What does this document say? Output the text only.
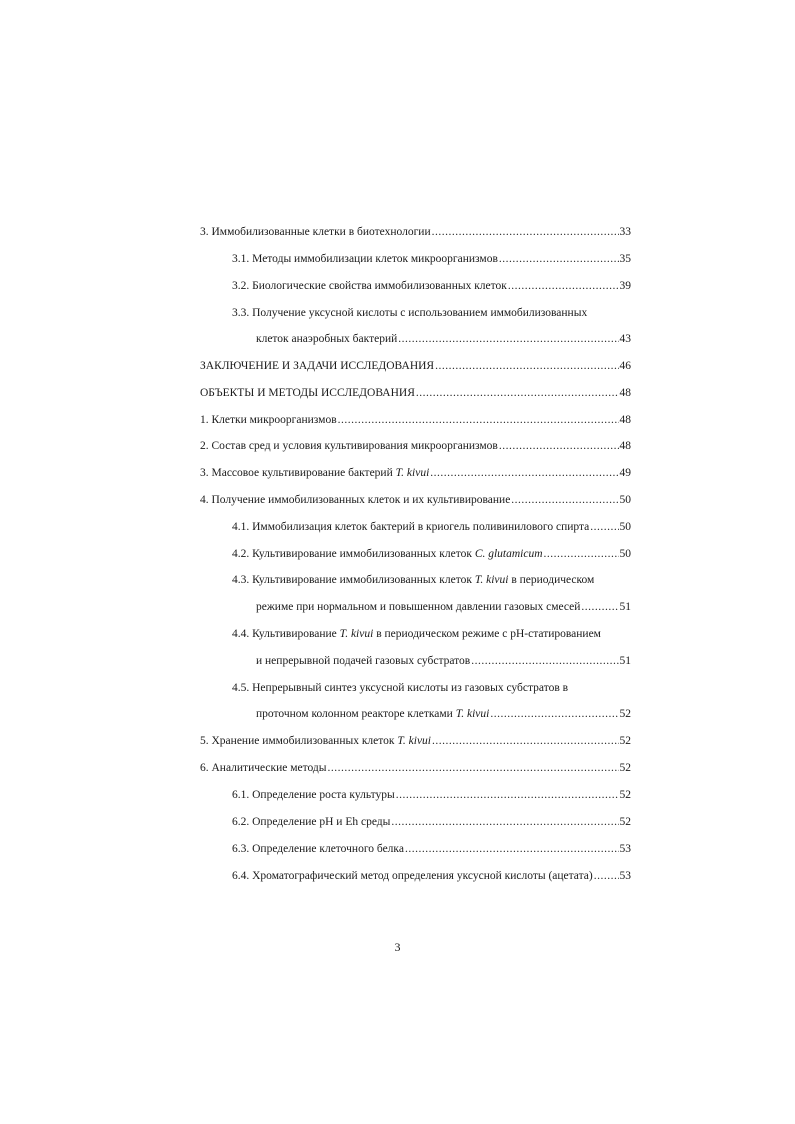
3. Иммобилизованные клетки в биотехнологии .....	33
3.1. Методы иммобилизации клеток микроорганизмов .....	35
3.2. Биологические свойства иммобилизованных клеток .....	39
3.3. Получение уксусной кислоты с использованием иммобилизованных
клеток анаэробных бактерий .....	43
ЗАКЛЮЧЕНИЕ И ЗАДАЧИ ИССЛЕДОВАНИЯ .....	46
ОБЪЕКТЫ И МЕТОДЫ ИССЛЕДОВАНИЯ .....	48
1. Клетки микроорганизмов .....	48
2. Состав сред и условия культивирования микроорганизмов .....	48
3. Массовое культивирование бактерий T. kivui .....	49
4. Получение иммобилизованных клеток и их культивирование .....	50
4.1. Иммобилизация клеток бактерий в криогель поливинилового спирта .....	50
4.2. Культивирование иммобилизованных клеток C. glutamicum .....	50
4.3. Культивирование иммобилизованных клеток T. kivui в периодическом
режиме при нормальном и повышенном давлении газовых смесей .....	51
4.4. Культивирование T. kivui в периодическом режиме с pH-статированием
и непрерывной подачей газовых субстратов .....	51
4.5. Непрерывный синтез уксусной кислоты из газовых субстратов в
проточном колонном реакторе клетками T. kivui .....	52
5. Хранение иммобилизованных клеток T. kivui .....	52
6. Аналитические методы .....	52
6.1. Определение роста культуры .....	52
6.2. Определение pH и Eh среды .....	52
6.3. Определение клеточного белка .....	53
6.4. Хроматографический метод определения уксусной кислоты (ацетата) ..... 53
3
